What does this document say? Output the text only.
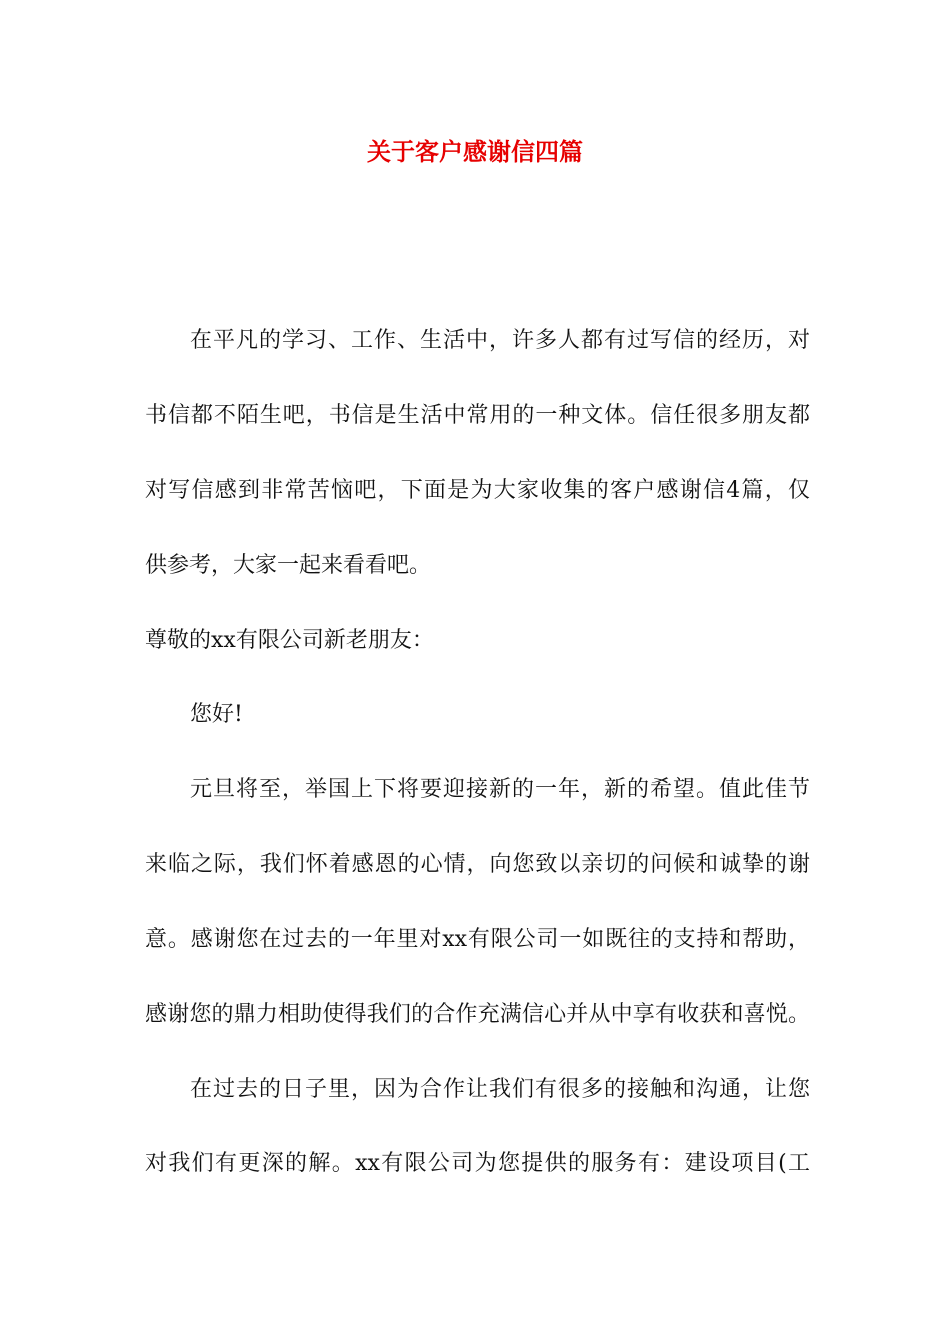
关于客户感谢信四篇
在平凡的学习、工作、生活中，许多人都有过写信的经历，对
书信都不陌生吧，书信是生活中常用的一种文体。信任很多朋友都
对写信感到非常苦恼吧，下面是为大家收集的客户感谢信4篇，仅
供参考，大家一起来看看吧。
尊敬的xx有限公司新老朋友：
您好!
元旦将至，举国上下将要迎接新的一年，新的希望。值此佳节
来临之际，我们怀着感恩的心情，向您致以亲切的问候和诚挚的谢
意。感谢您在过去的一年里对xx有限公司一如既往的支持和帮助，
感谢您的鼎力相助使得我们的合作充满信心并从中享有收获和喜悦。
在过去的日子里，因为合作让我们有很多的接触和沟通，让您
对我们有更深的解。xx有限公司为您提供的服务有：建设项目(工
